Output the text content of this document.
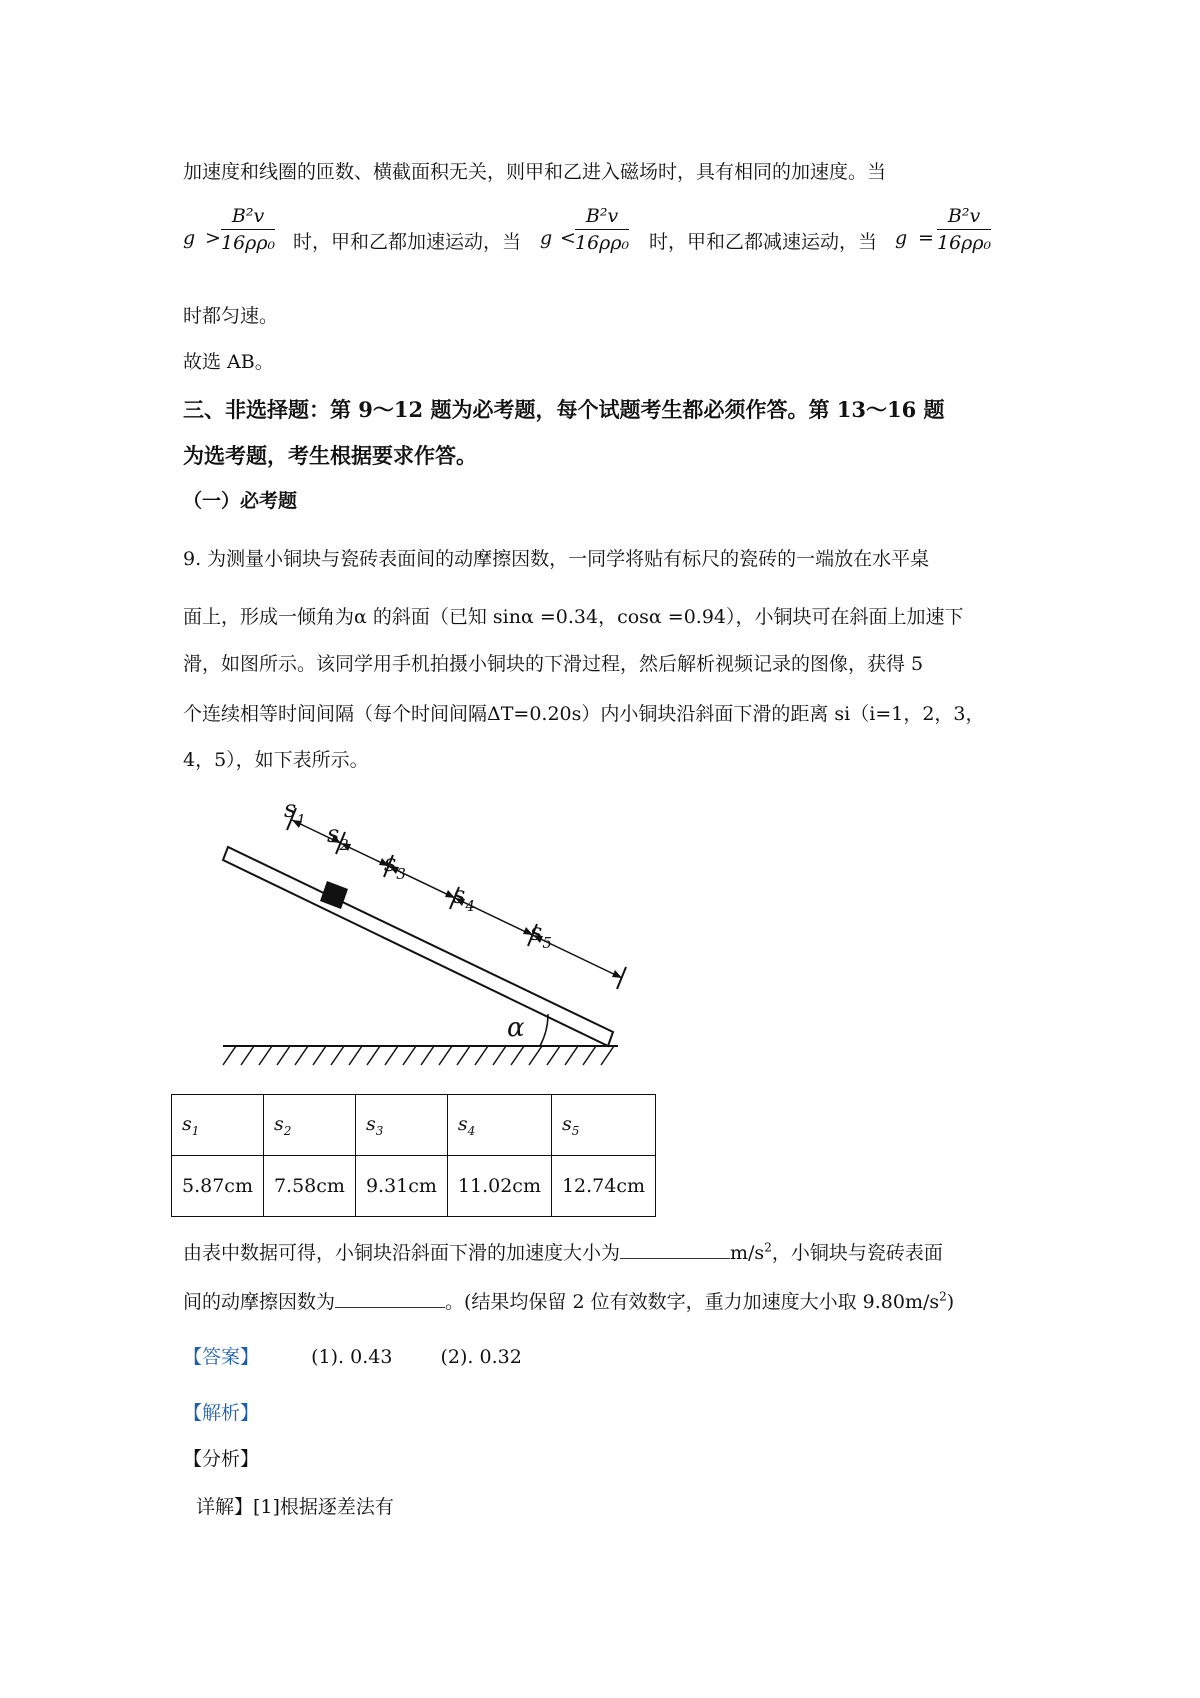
加速度和线圈的匝数、横截面积无关，则甲和乙进入磁场时，具有相同的加速度。当
$g > \frac{\text{B²v}}{\text{16ρρ₀}}$ 时，甲和乙都加速运动，当 $g < \frac{\text{B²v}}{\text{16ρρ₀}}$ 时，甲和乙都减速运动，当 $g = \frac{\text{B²v}}{\text{16ρρ₀}}$
时都匀速。
故选 AB。
三、非选择题：第 9～12 题为必考题，每个试题考生都必须作答。第 13～16 题
为选考题，考生根据要求作答。
（一）必考题
9. 为测量小铜块与瓷砖表面间的动摩擦因数，一同学将贴有标尺的瓷砖的一端放在水平桌
面上，形成一倾角为α 的斜面（已知 sinα =0.34，cosα =0.94），小铜块可在斜面上加速下
滑，如图所示。该同学用手机拍摄小铜块的下滑过程，然后解析视频记录的图像，获得 5
个连续相等时间间隔（每个时间间隔ΔT=0.20s）内小铜块沿斜面下滑的距离 si（i=1，2，3，
4，5），如下表所示。
$s_1$ $s_2$
$s_3$
$s_4$
$s_5$
α
$s_1$	$s_2$	$s_3$	$s_4$	$s_5$
5.87cm	7.58cm	9.31cm	11.02cm	12.74cm
由表中数据可得，小铜块沿斜面下滑的加速度大小为	$m/s^2$，小铜块与瓷砖表面
间的动摩擦因数为	。(结果均保留 2 位有效数字，重力加速度大小取 $9.80m/s^2$)
【答案】	(1). 0.43	(2). 0.32
【解析】
【分析】
详解】[1]根据逐差法有
